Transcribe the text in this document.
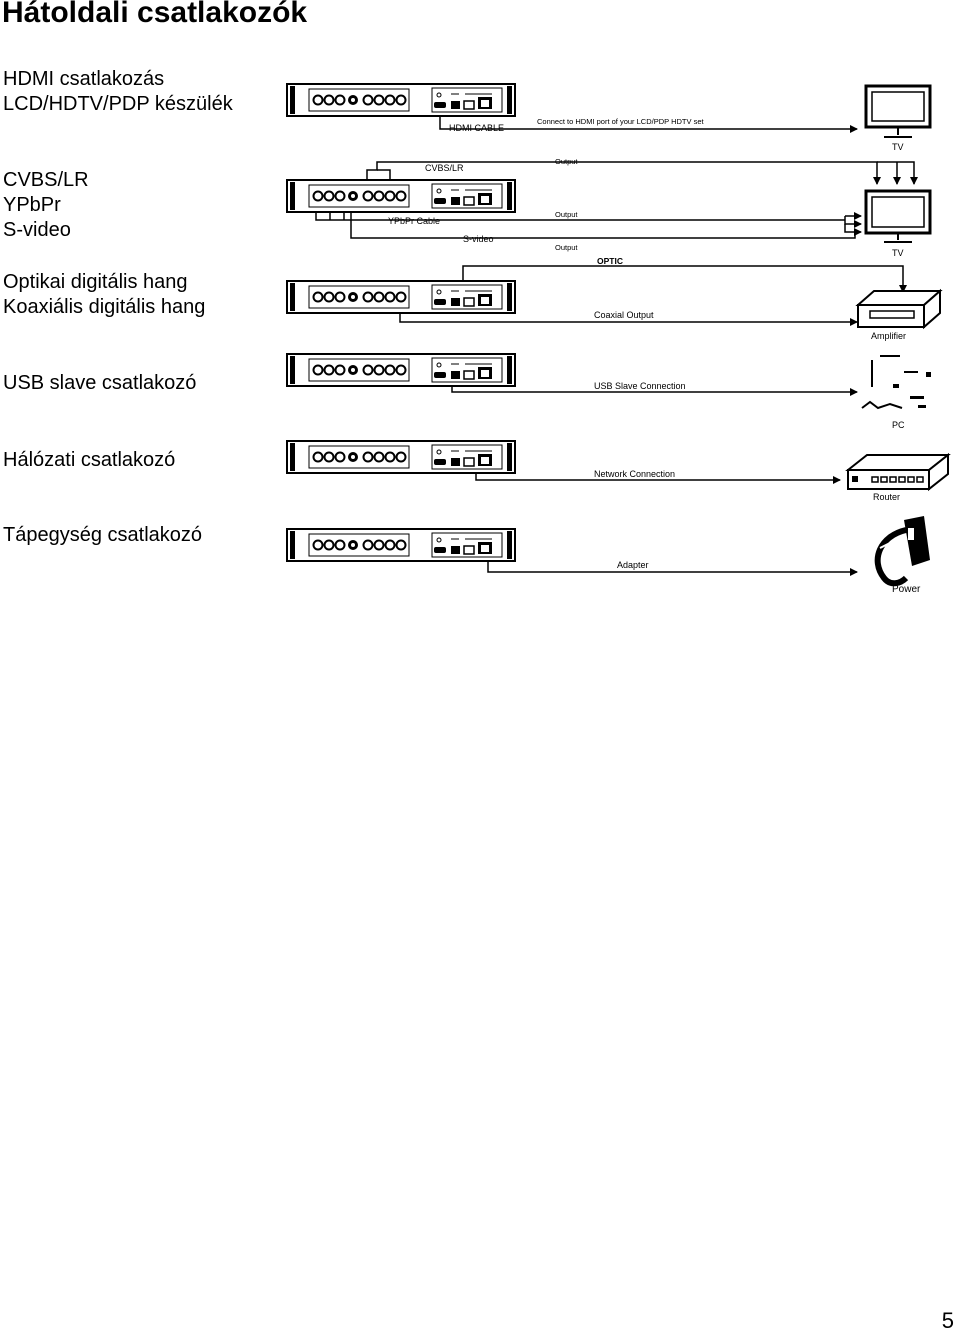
Hátoldali csatlakozók
HDMI csatlakozás
LCD/HDTV/PDP készülék
CVBS/LR
YPbPr
S-video
Optikai digitális hang
Koaxiális digitális hang
USB slave csatlakozó
Hálózati csatlakozó
Tápegység csatlakozó
HDMI CABLE
Connect to HDMI port of your LCD/PDP HDTV set
TV
CVBS/LR
Output
YPbPr Cable
Output
S-video
Output
TV
OPTIC
Coaxial Output
Amplifier
USB Slave Connection
PC
Network Connection
Router
Adapter
Power
5
